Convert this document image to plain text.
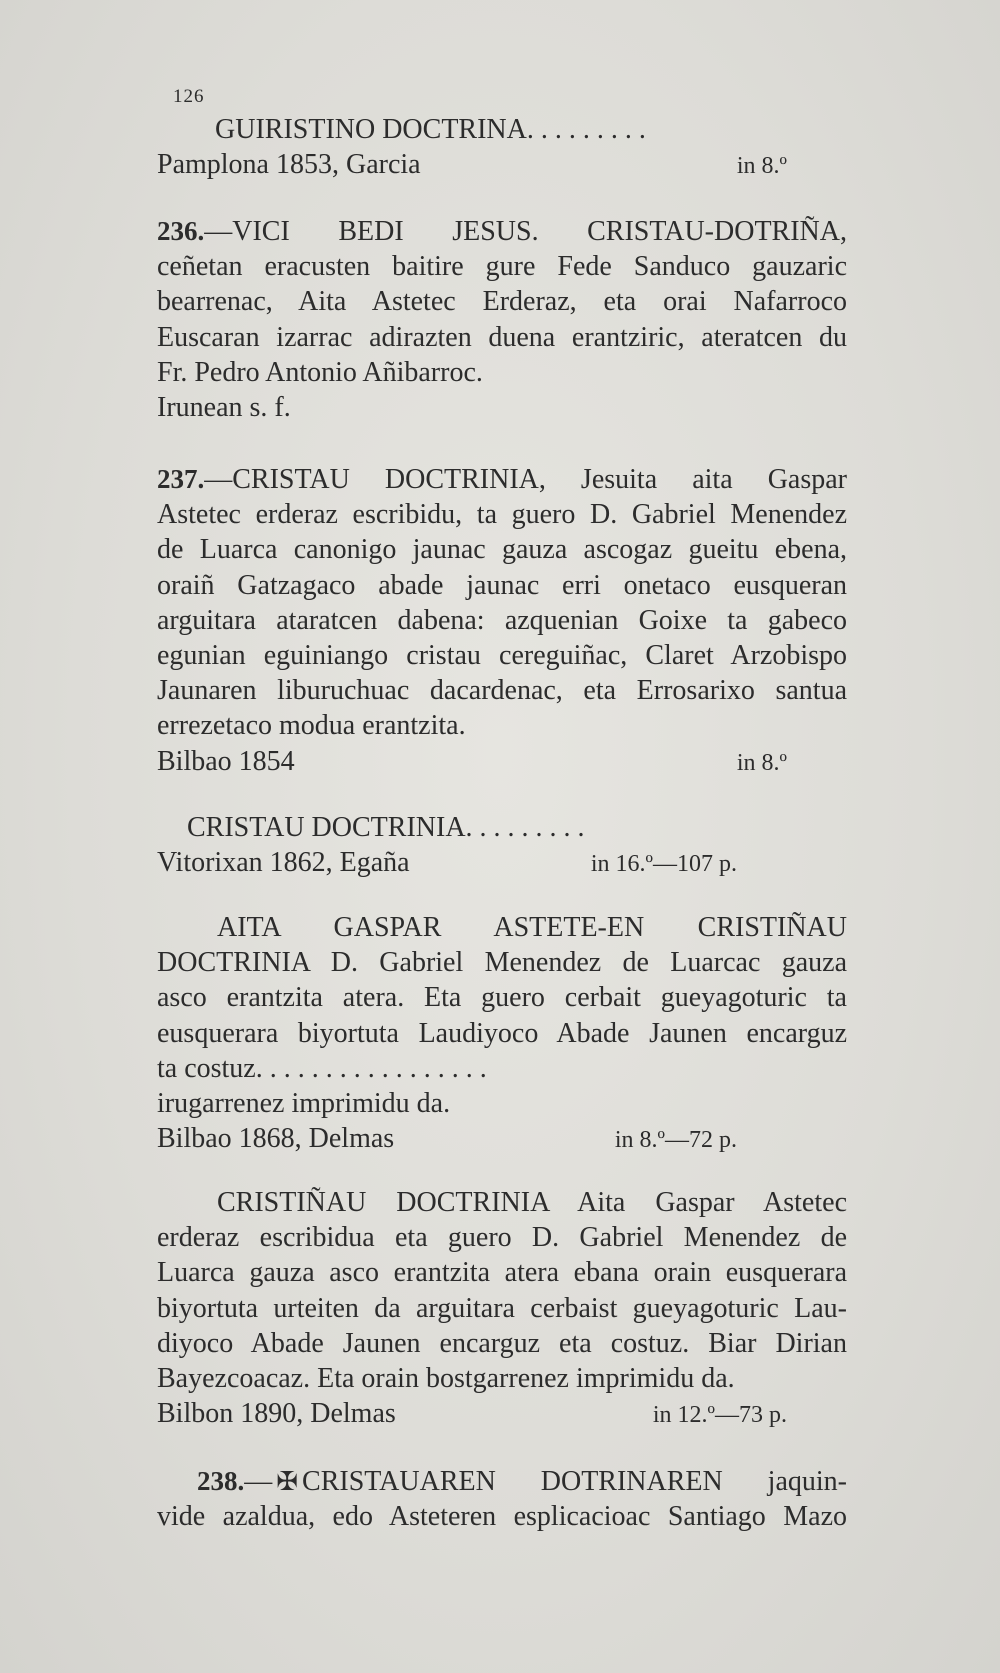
126
GUIRISTINO DOCTRINA. . . . . . . . .
Pamplona 1853, Garcia	in 8.º
236.—VICI BEDI JESUS. CRISTAU-DOTRIÑA,
ceñetan eracusten baitire gure Fede Sanduco gauzaric
bearrenac, Aita Astetec Erderaz, eta orai Nafarroco
Euscaran izarrac adirazten duena erantziric, ateratcen du
Fr. Pedro Antonio Añibarroc.
Irunean s. f.
237.—CRISTAU DOCTRINIA, Jesuita aita Gaspar
Astetec erderaz escribidu, ta guero D. Gabriel Menendez
de Luarca canonigo jaunac gauza ascogaz gueitu ebena,
oraiñ Gatzagaco abade jaunac erri onetaco eusqueran
arguitara ataratcen dabena: azquenian Goixe ta gabeco
egunian eguiniango cristau cereguiñac, Claret Arzobispo
Jaunaren liburuchuac dacardenac, eta Errosarixo santua
errezetaco modua erantzita.
Bilbao 1854	in 8.º
CRISTAU DOCTRINIA. . . . . . . . .
Vitorixan 1862, Egaña	in 16.º—107 p.
AITA GASPAR ASTETE-EN CRISTIÑAU
DOCTRINIA D. Gabriel Menendez de Luarcac gauza
asco erantzita atera. Eta guero cerbait gueyagoturic ta
eusquerara biyortuta Laudiyoco Abade Jaunen encarguz
ta costuz. . . . . . . . . . . . . . . . .
irugarrenez imprimidu da.
Bilbao 1868, Delmas	in 8.º—72 p.
CRISTIÑAU DOCTRINIA Aita Gaspar Astetec
erderaz escribidua eta guero D. Gabriel Menendez de
Luarca gauza asco erantzita atera ebana orain eusquerara
biyortuta urteiten da arguitara cerbaist gueyagoturic Lau-
diyoco Abade Jaunen encarguz eta costuz. Biar Dirian
Bayezcoacaz. Eta orain bostgarrenez imprimidu da.
Bilbon 1890, Delmas	in 12.º—73 p.
238.— ✠ CRISTAUAREN DOTRINAREN jaquin-
vide azaldua, edo Asteteren esplicacioac Santiago Mazo
